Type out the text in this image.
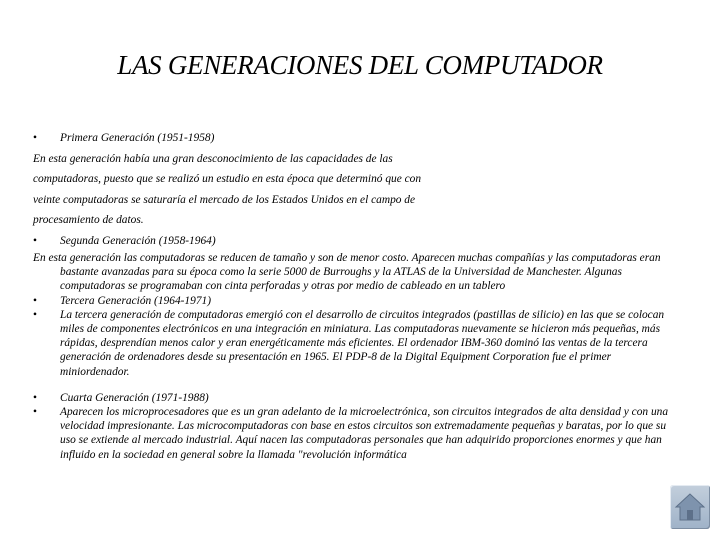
LAS GENERACIONES DEL COMPUTADOR
•	Primera Generación (1951-1958)

En esta generación había una gran desconocimiento de las capacidades de las

computadoras, puesto que se realizó un estudio en esta época que determinó que con

veinte computadoras se saturaría el mercado de los Estados Unidos en el campo de

procesamiento de datos.

•	Segunda Generación (1958-1964)

En esta generación las computadoras se reducen de tamaño y son de menor costo. Aparecen muchas compañías y las computadoras eran bastante avanzadas para su época como la serie 5000 de Burroughs y la ATLAS de la Universidad de Manchester. Algunas computadoras se programaban con cinta perforadas y otras por medio de cableado en un tablero

•	Tercera Generación (1964-1971)
•	La tercera generación de computadoras emergió con el desarrollo de circuitos integrados (pastillas de silicio) en las que se colocan miles de componentes electrónicos en una integración en miniatura. Las computadoras nuevamente se hicieron más pequeñas, más rápidas, desprendían menos calor y eran energéticamente más eficientes. El ordenador IBM-360 dominó las ventas de la tercera generación de ordenadores desde su presentación en 1965. El PDP-8 de la Digital Equipment Corporation fue el primer miniordenador.
•	Cuarta Generación (1971-1988)
•	Aparecen los microprocesadores que es un gran adelanto de la microelectrónica, son circuitos integrados de alta densidad y con una velocidad impresionante. Las microcomputadoras con base en estos circuitos son extremadamente pequeñas y baratas, por lo que su uso se extiende al mercado industrial. Aquí nacen las computadoras personales que han adquirido proporciones enormes y que han influido en la sociedad en general sobre la llamada "revolución informática
